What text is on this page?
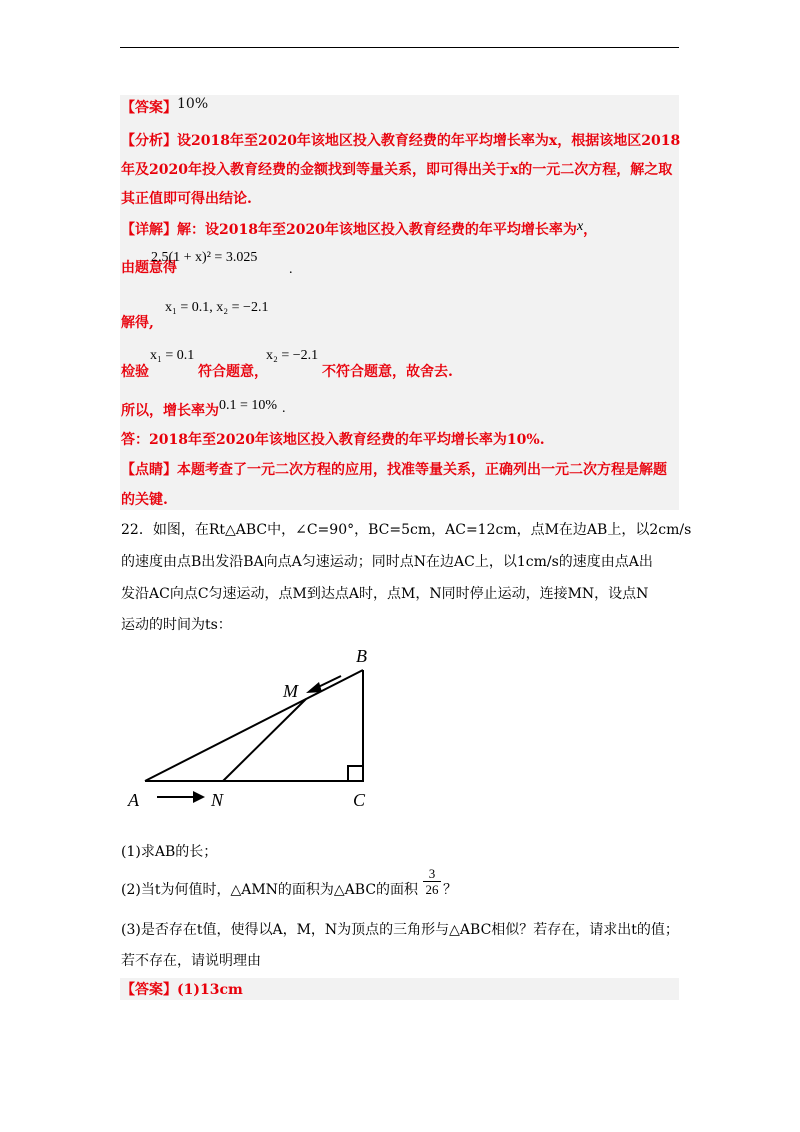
【答案】10%
【分析】设2018年至2020年该地区投入教育经费的年平均增长率为x，根据该地区2018
年及2020年投入教育经费的金额找到等量关系，即可得出关于x的一元二次方程，解之取
其正值即可得出结论.
【详解】解：设2018年至2020年该地区投入教育经费的年平均增长率为x，
由题意得
2.5(1 + x)² = 3.025
.
解得,
x₁ = 0.1, x₂ = −2.1
检验
x₁ = 0.1
符合题意，
x₂ = −2.1
不符合题意，故舍去.
所以，增长率为 0.1 = 10% .
答：2018年至2020年该地区投入教育经费的年平均增长率为10%.
【点睛】本题考查了一元二次方程的应用，找准等量关系，正确列出一元二次方程是解题
的关键.
22．如图，在Rt△ABC中，∠C=90°，BC=5cm，AC=12cm，点M在边AB上，以2cm/s
的速度由点B出发沿BA向点A匀速运动；同时点N在边AC上，以1cm/s的速度由点A出
发沿AC向点C匀速运动，点M到达点A时，点M，N同时停止运动，连接MN，设点N
运动的时间为ts：
B
M
A	N	C
(1)求AB的长；
(2)当t为何值时，△AMN的面积为△ABC的面积 $\frac{3}{26}$ ？
(3)是否存在t值，使得以A，M，N为顶点的三角形与△ABC相似？若存在，请求出t的值；
若不存在，请说明理由
【答案】(1)13cm
